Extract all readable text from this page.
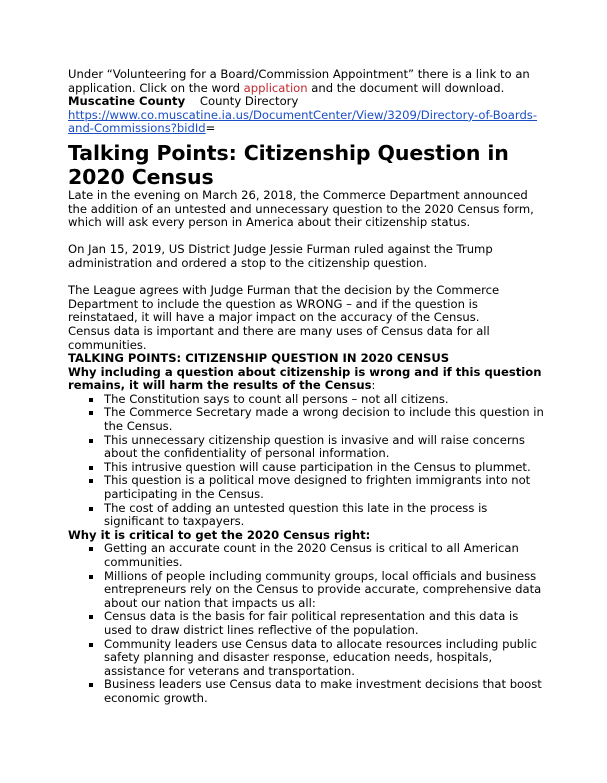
Under “Volunteering for a Board/Commission Appointment” there is a link to an application. Click on the word application and the document will download.

Muscatine County County Directory

https://www.co.muscatine.ia.us/DocumentCenter/View/3209/Directory-of-Boards-and-Commissions?bidId=

Talking Points: Citizenship Question in 2020 Census

Late in the evening on March 26, 2018, the Commerce Department announced the addition of an untested and unnecessary question to the 2020 Census form, which will ask every person in America about their citizenship status.

On Jan 15, 2019, US District Judge Jessie Furman ruled against the Trump administration and ordered a stop to the citizenship question.

The League agrees with Judge Furman that the decision by the Commerce Department to include the question as WRONG – and if the question is reinstataed, it will have a major impact on the accuracy of the Census.

Census data is important and there are many uses of Census data for all communities.

TALKING POINTS: CITIZENSHIP QUESTION IN 2020 CENSUS

Why including a question about citizenship is wrong and if this question remains, it will harm the results of the Census:

The Constitution says to count all persons – not all citizens.
The Commerce Secretary made a wrong decision to include this question in the Census.
This unnecessary citizenship question is invasive and will raise concerns about the confidentiality of personal information.
This intrusive question will cause participation in the Census to plummet.
This question is a political move designed to frighten immigrants into not participating in the Census.
The cost of adding an untested question this late in the process is significant to taxpayers.

Why it is critical to get the 2020 Census right:

Getting an accurate count in the 2020 Census is critical to all American communities.
Millions of people including community groups, local officials and business entrepreneurs rely on the Census to provide accurate, comprehensive data about our nation that impacts us all:
Census data is the basis for fair political representation and this data is used to draw district lines reflective of the population.
Community leaders use Census data to allocate resources including public safety planning and disaster response, education needs, hospitals, assistance for veterans and transportation.
Business leaders use Census data to make investment decisions that boost economic growth.
